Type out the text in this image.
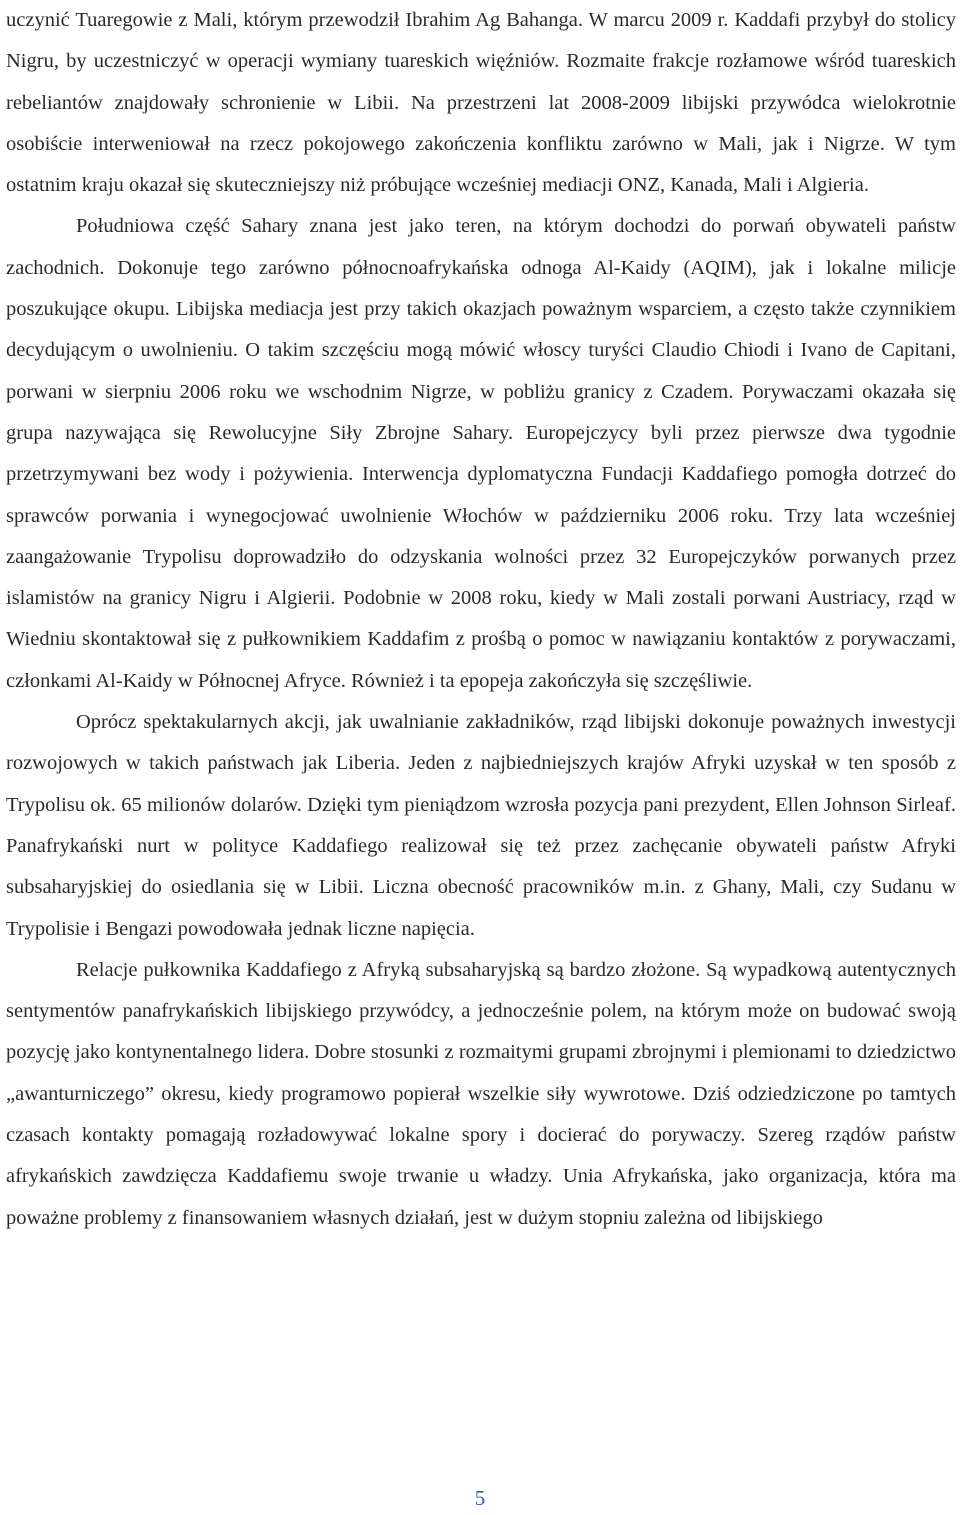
uczynić Tuaregowie z Mali, którym przewodził Ibrahim Ag Bahanga. W marcu 2009 r. Kaddafi przybył do stolicy Nigru, by uczestniczyć w operacji wymiany tuareskich więźniów. Rozmaite frakcje rozłamowe wśród tuareskich rebeliantów znajdowały schronienie w Libii. Na przestrzeni lat 2008-2009 libijski przywódca wielokrotnie osobiście interweniował na rzecz pokojowego zakończenia konfliktu zarówno w Mali, jak i Nigrze. W tym ostatnim kraju okazał się skuteczniejszy niż próbujące wcześniej mediacji ONZ, Kanada, Mali i Algieria.

Południowa część Sahary znana jest jako teren, na którym dochodzi do porwań obywateli państw zachodnich. Dokonuje tego zarówno północnoafrykańska odnoga Al-Kaidy (AQIM), jak i lokalne milicje poszukujące okupu. Libijska mediacja jest przy takich okazjach poważnym wsparciem, a często także czynnikiem decydującym o uwolnieniu. O takim szczęściu mogą mówić włoscy turyści Claudio Chiodi i Ivano de Capitani, porwani w sierpniu 2006 roku we wschodnim Nigrze, w pobliżu granicy z Czadem. Porywaczami okazała się grupa nazywająca się Rewolucyjne Siły Zbrojne Sahary. Europejczycy byli przez pierwsze dwa tygodnie przetrzymywani bez wody i pożywienia. Interwencja dyplomatyczna Fundacji Kaddafiego pomogła dotrzeć do sprawców porwania i wynegocjować uwolnienie Włochów w październiku 2006 roku. Trzy lata wcześniej zaangażowanie Trypolisu doprowadziło do odzyskania wolności przez 32 Europejczyków porwanych przez islamistów na granicy Nigru i Algierii. Podobnie w 2008 roku, kiedy w Mali zostali porwani Austriacy, rząd w Wiedniu skontaktował się z pułkownikiem Kaddafim z prośbą o pomoc w nawiązaniu kontaktów z porywaczami, członkami Al-Kaidy w Północnej Afryce. Również i ta epopeja zakończyła się szczęśliwie.

Oprócz spektakularnych akcji, jak uwalnianie zakładników, rząd libijski dokonuje poważnych inwestycji rozwojowych w takich państwach jak Liberia. Jeden z najbiedniejszych krajów Afryki uzyskał w ten sposób z Trypolisu ok. 65 milionów dolarów. Dzięki tym pieniądzom wzrosła pozycja pani prezydent, Ellen Johnson Sirleaf. Panafrykański nurt w polityce Kaddafiego realizował się też przez zachęcanie obywateli państw Afryki subsaharyjskiej do osiedlania się w Libii. Liczna obecność pracowników m.in. z Ghany, Mali, czy Sudanu w Trypolisie i Bengazi powodowała jednak liczne napięcia.

Relacje pułkownika Kaddafiego z Afryką subsaharyjską są bardzo złożone. Są wypadkową autentycznych sentymentów panafrykańskich libijskiego przywódcy, a jednocześnie polem, na którym może on budować swoją pozycję jako kontynentalnego lidera. Dobre stosunki z rozmaitymi grupami zbrojnymi i plemionami to dziedzictwo „awanturniczego” okresu, kiedy programowo popierał wszelkie siły wywrotowe. Dziś odziedziczone po tamtych czasach kontakty pomagają rozładowywać lokalne spory i docierać do porywaczy. Szereg rządów państw afrykańskich zawdzięcza Kaddafiemu swoje trwanie u władzy. Unia Afrykańska, jako organizacja, która ma poważne problemy z finansowaniem własnych działań, jest w dużym stopniu zależna od libijskiego

5
